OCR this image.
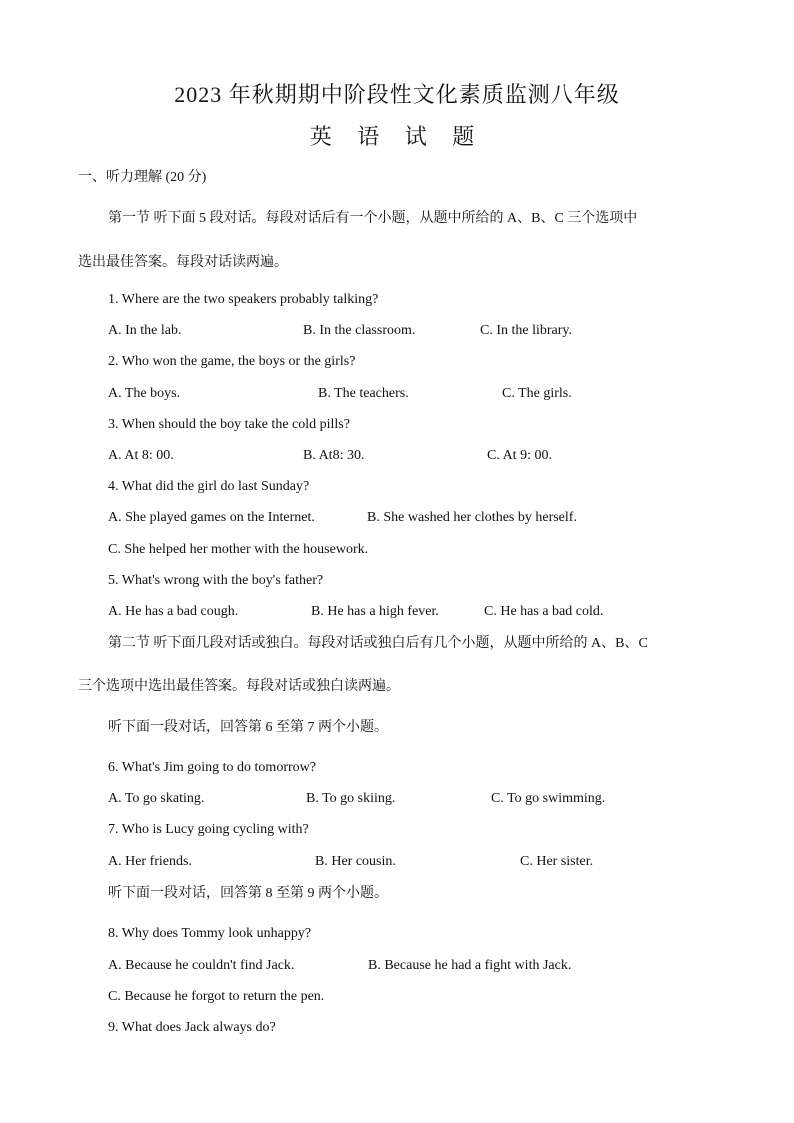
2023 年秋期期中阶段性文化素质监测八年级
英 语 试 题
一、听力理解 (20 分)
第一节 听下面 5 段对话。每段对话后有一个小题，从题中所给的 A、B、C 三个选项中
选出最佳答案。每段对话读两遍。
1. Where are the two speakers probably talking?
A. In the lab.	B. In the classroom.	C. In the library.
2. Who won the game, the boys or the girls?
A. The boys.	B. The teachers.	C. The girls.
3. When should the boy take the cold pills?
A. At 8: 00.	B. At8: 30.	C. At 9: 00.
4. What did the girl do last Sunday?
A. She played games on the Internet.	B. She washed her clothes by herself.
C. She helped her mother with the housework.
5. What's wrong with the boy's father?
A. He has a bad cough.	B. He has a high fever.	C. He has a bad cold.
第二节 听下面几段对话或独白。每段对话或独白后有几个小题，从题中所给的 A、B、C
三个选项中选出最佳答案。每段对话或独白读两遍。
听下面一段对话，回答第 6 至第 7 两个小题。
6. What's Jim going to do tomorrow?
A. To go skating.	B. To go skiing.	C. To go swimming.
7. Who is Lucy going cycling with?
A. Her friends.	B. Her cousin.	C. Her sister.
听下面一段对话，回答第 8 至第 9 两个小题。
8. Why does Tommy look unhappy?
A. Because he couldn't find Jack.	B. Because he had a fight with Jack.
C. Because he forgot to return the pen.
9. What does Jack always do?
